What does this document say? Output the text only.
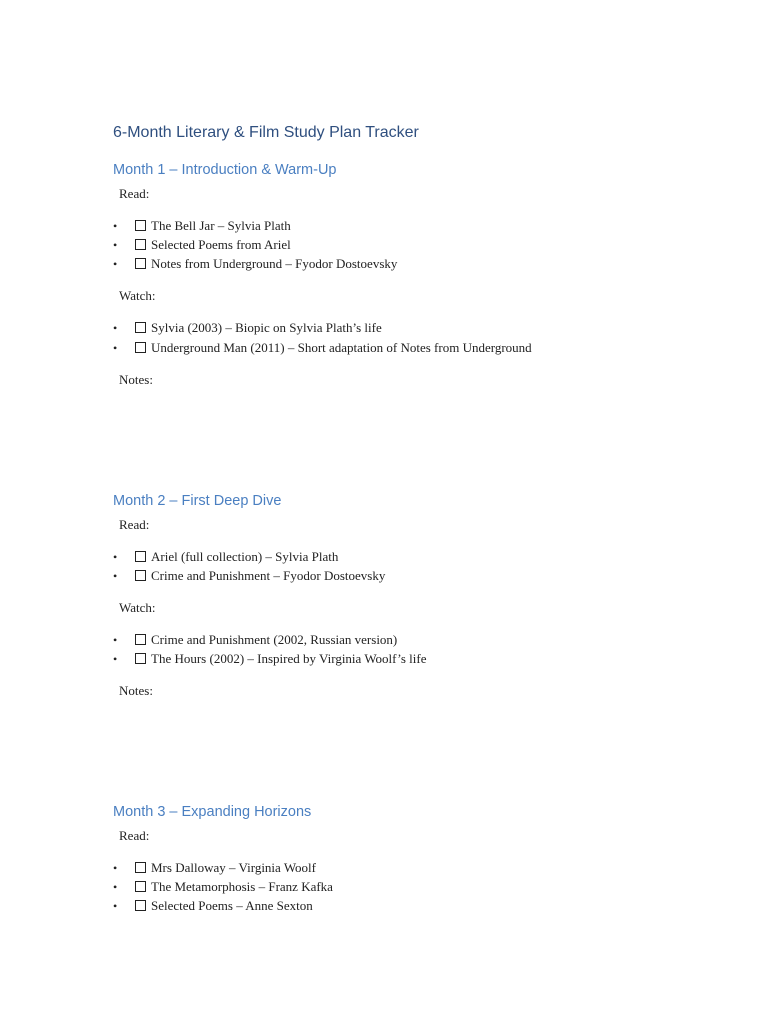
6-Month Literary & Film Study Plan Tracker
Month 1 – Introduction & Warm-Up

Read:

•	The Bell Jar – Sylvia Plath

•	Selected Poems from Ariel

•	Notes from Underground – Fyodor Dostoevsky

Watch:

•	Sylvia (2003) – Biopic on Sylvia Plath’s life

•	Underground Man (2011) – Short adaptation of Notes from Underground

Notes:

Month 2 – First Deep Dive

Read:

•	Ariel (full collection) – Sylvia Plath

•	Crime and Punishment – Fyodor Dostoevsky

Watch:

•	Crime and Punishment (2002, Russian version)

•	The Hours (2002) – Inspired by Virginia Woolf’s life

Notes:

Month 3 – Expanding Horizons

Read:

•	Mrs Dalloway – Virginia Woolf

•	The Metamorphosis – Franz Kafka

•	Selected Poems – Anne Sexton
